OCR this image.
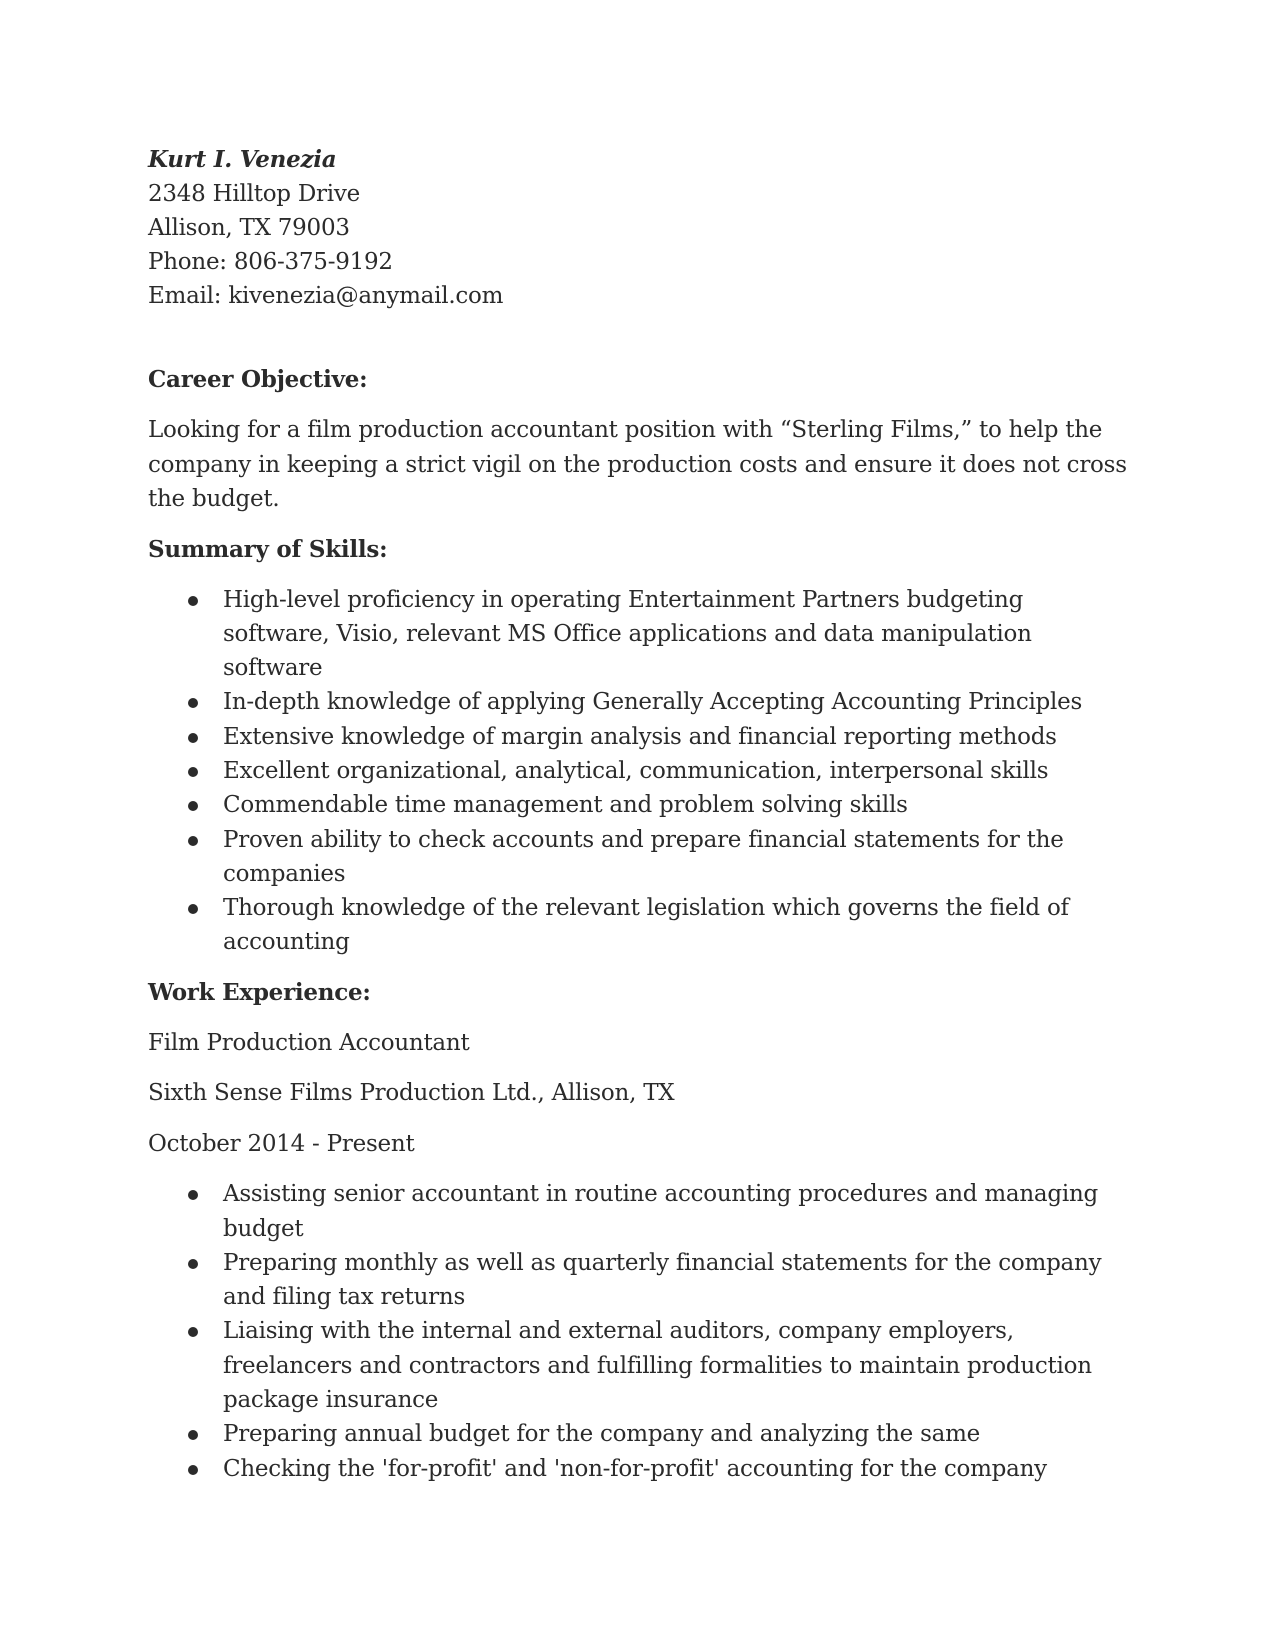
Kurt I. Venezia
2348 Hilltop Drive
Allison, TX 79003
Phone: 806-375-9192
Email: kivenezia@anymail.com
Career Objective:
Looking for a film production accountant position with “Sterling Films,” to help the company in keeping a strict vigil on the production costs and ensure it does not cross the budget.
Summary of Skills:
High-level proficiency in operating Entertainment Partners budgeting software, Visio, relevant MS Office applications and data manipulation software
In-depth knowledge of applying Generally Accepting Accounting Principles
Extensive knowledge of margin analysis and financial reporting methods
Excellent organizational, analytical, communication, interpersonal skills
Commendable time management and problem solving skills
Proven ability to check accounts and prepare financial statements for the companies
Thorough knowledge of the relevant legislation which governs the field of accounting
Work Experience:
Film Production Accountant
Sixth Sense Films Production Ltd., Allison, TX
October 2014 - Present
Assisting senior accountant in routine accounting procedures and managing budget
Preparing monthly as well as quarterly financial statements for the company and filing tax returns
Liaising with the internal and external auditors, company employers, freelancers and contractors and fulfilling formalities to maintain production package insurance
Preparing annual budget for the company and analyzing the same
Checking the 'for-profit' and 'non-for-profit' accounting for the company
